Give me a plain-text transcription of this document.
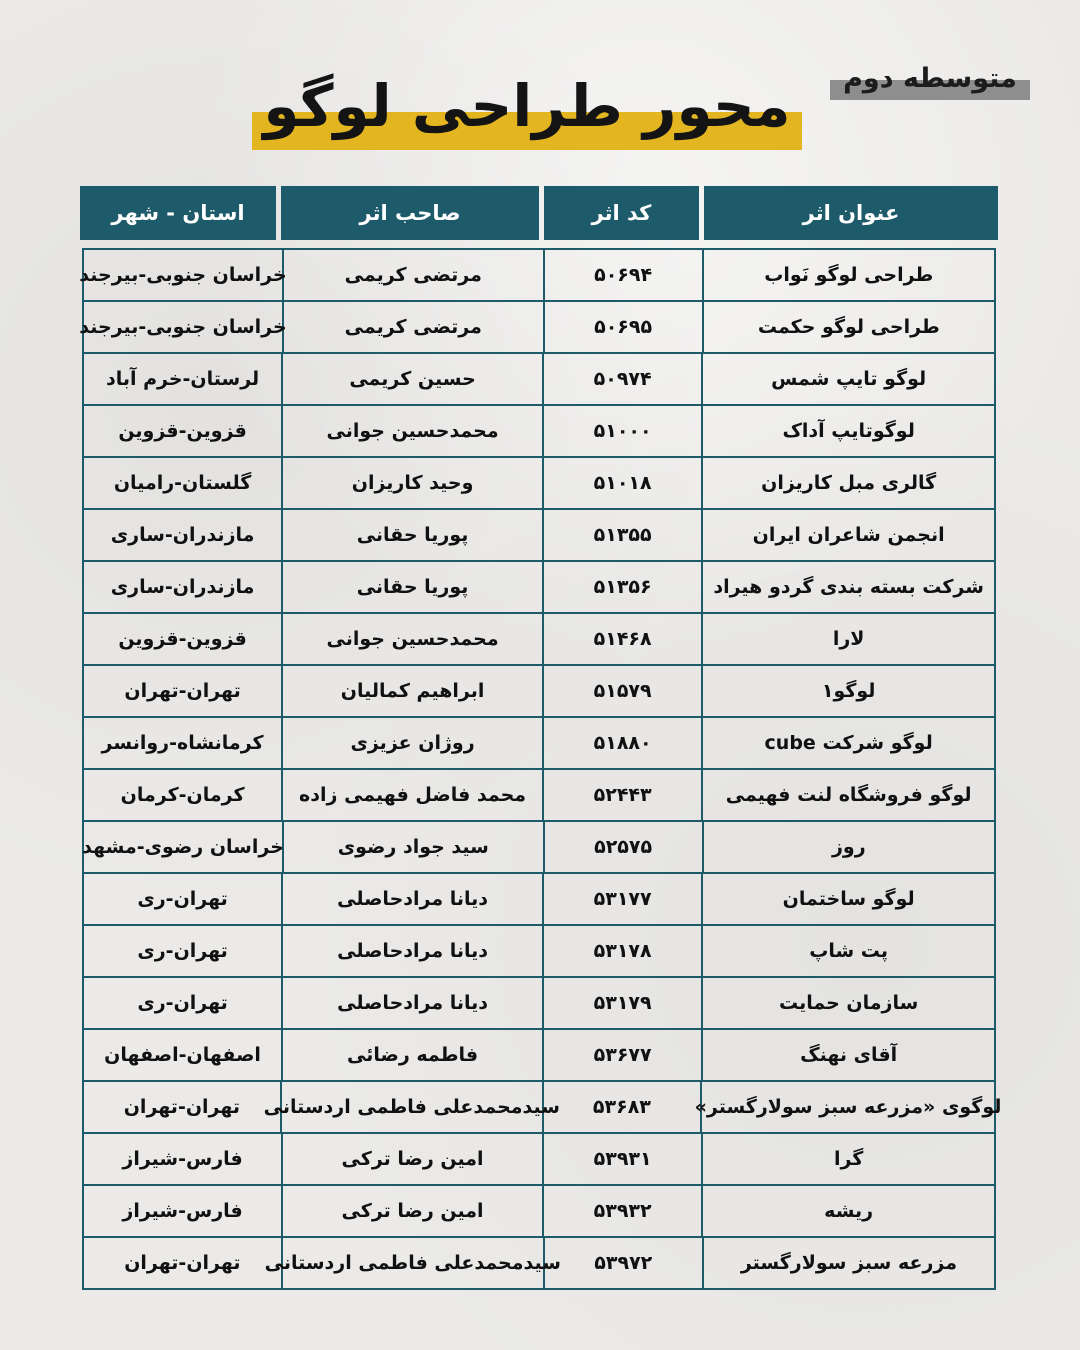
متوسطه دوم
محور طراحی لوگو
عنوان اثر
کد اثر
صاحب اثر
استان - شهر
طراحی لوگو نَواب
۵۰۶۹۴
مرتضی کریمی
خراسان جنوبی-بیرجند
طراحی لوگو حکمت
۵۰۶۹۵
مرتضی کریمی
خراسان جنوبی-بیرجند
لوگو تایپ شمس
۵۰۹۷۴
حسین کریمی
لرستان-خرم آباد
لوگوتایپ آداک
۵۱۰۰۰
محمدحسین جوانی
قزوین-قزوین
گالری مبل کاریزان
۵۱۰۱۸
وحید کاریزان
گلستان-رامیان
انجمن شاعران ایران
۵۱۳۵۵
پوریا حقانی
مازندران-ساری
شرکت بسته بندی گردو هیراد
۵۱۳۵۶
پوریا حقانی
مازندران-ساری
لارا
۵۱۴۶۸
محمدحسین جوانی
قزوین-قزوین
لوگو۱
۵۱۵۷۹
ابراهیم کمالیان
تهران-تهران
لوگو شرکت cube
۵۱۸۸۰
روژان عزیزی
کرمانشاه-روانسر
لوگو فروشگاه لنت فهیمی
۵۲۴۴۳
محمد فاضل فهیمی زاده
کرمان-کرمان
روز
۵۲۵۷۵
سید جواد رضوی
خراسان رضوی-مشهد
لوگو ساختمان
۵۳۱۷۷
دیانا مرادحاصلی
تهران-ری
پت شاپ
۵۳۱۷۸
دیانا مرادحاصلی
تهران-ری
سازمان حمایت
۵۳۱۷۹
دیانا مرادحاصلی
تهران-ری
آقای نهنگ
۵۳۶۷۷
فاطمه رضائی
اصفهان-اصفهان
لوگوی «مزرعه سبز سولارگستر»
۵۳۶۸۳
سیدمحمدعلی فاطمی اردستانی
تهران-تهران
گرا
۵۳۹۳۱
امین رضا ترکی
فارس-شیراز
ریشه
۵۳۹۳۲
امین رضا ترکی
فارس-شیراز
مزرعه سبز سولارگستر
۵۳۹۷۲
سیدمحمدعلی فاطمی اردستانی
تهران-تهران
